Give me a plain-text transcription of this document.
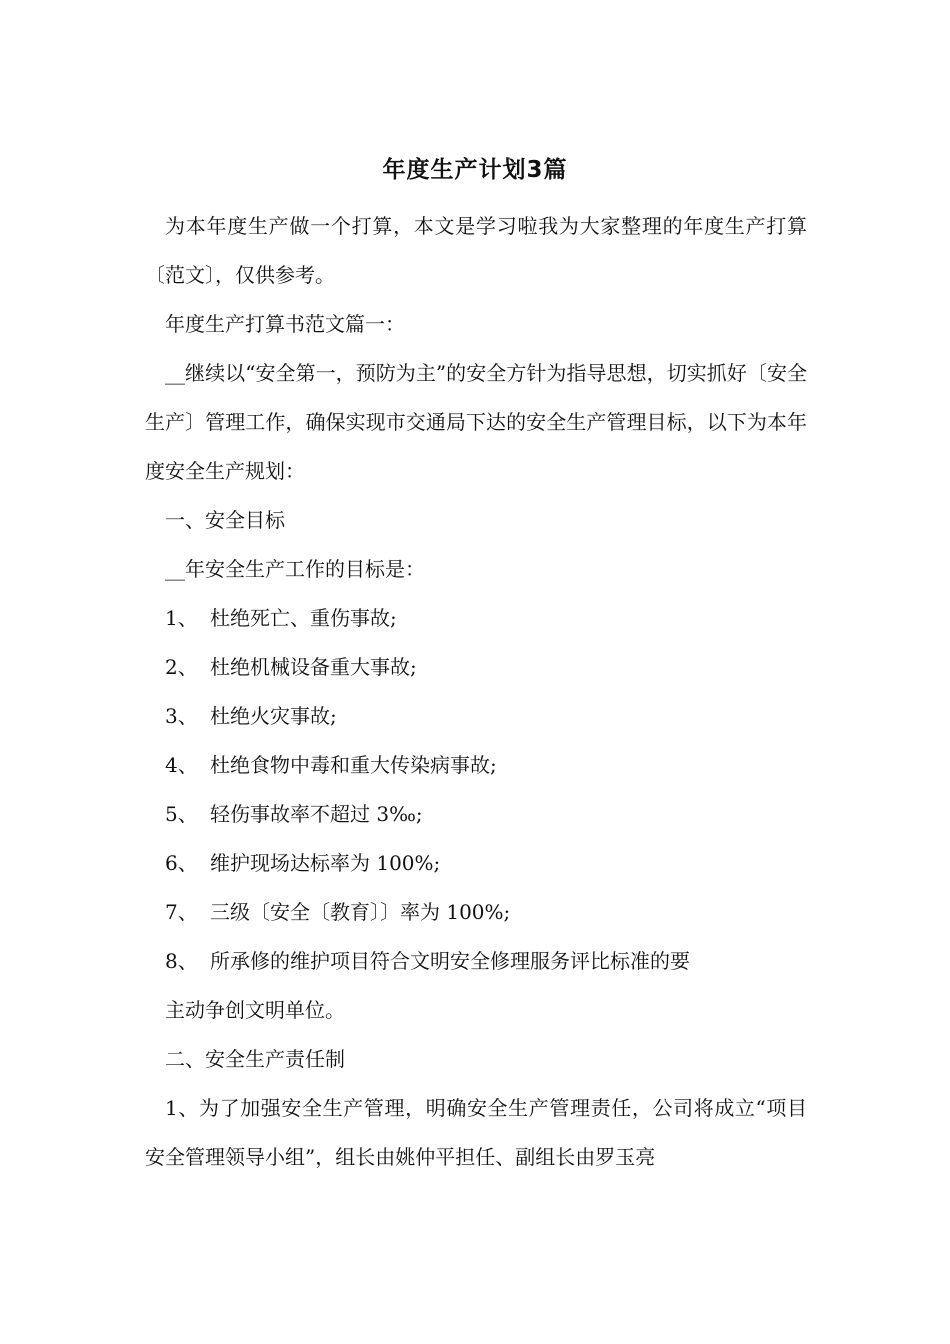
年度生产计划3篇

为本年度生产做一个打算，本文是学习啦我为大家整理的年度生产打算〔范文〕，仅供参考。

年度生产打算书范文篇一：

__继续以“安全第一，预防为主”的安全方针为指导思想，切实抓好〔安全生产〕管理工作，确保实现市交通局下达的安全生产管理目标，以下为本年度安全生产规划：

一、安全目标

__年安全生产工作的目标是：

1、 杜绝死亡、重伤事故;

2、 杜绝机械设备重大事故;

3、 杜绝火灾事故;

4、 杜绝食物中毒和重大传染病事故;

5、 轻伤事故率不超过 3‰;

6、 维护现场达标率为 100%;

7、 三级〔安全〔教育〕〕率为 100%;

8、 所承修的维护项目符合文明安全修理服务评比标准的要

主动争创文明单位。

二、安全生产责任制

1、为了加强安全生产管理，明确安全生产管理责任，公司将成立“项目安全管理领导小组”，组长由姚仲平担任、副组长由罗玉亮
